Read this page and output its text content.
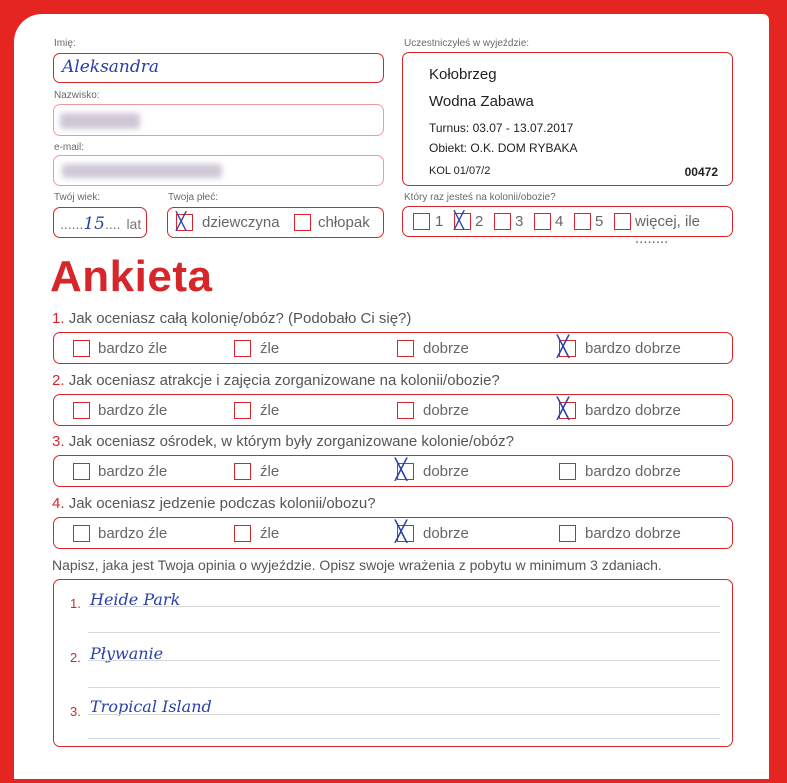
Imię:
Aleksandra
Nazwisko:
e-mail:
Twój wiek:
......15.... lat
Twoja płeć:
╳ dziewczyna	chłopak
Uczestniczyłeś w wyjeździe:
Kołobrzeg
Wodna Zabawa
Turnus: 03.07 - 13.07.2017
Obiekt: O.K. DOM RYBAKA
KOL 01/07/2	00472
Który raz jesteś na kolonii/obozie?
1 ╳ 2 3 4 5 więcej, ile ........
Ankieta
1. Jak oceniasz całą kolonię/obóz? (Podobało Ci się?)
bardzo źle	źle	dobrze	╳ bardzo dobrze
2. Jak oceniasz atrakcje i zajęcia zorganizowane na kolonii/obozie?
bardzo źle	źle	dobrze	╳ bardzo dobrze
3. Jak oceniasz ośrodek, w którym były zorganizowane kolonie/obóz?
bardzo źle	źle	╳ dobrze	bardzo dobrze
4. Jak oceniasz jedzenie podczas kolonii/obozu?
bardzo źle	źle	╳ dobrze	bardzo dobrze
Napisz, jaka jest Twoja opinia o wyjeździe. Opisz swoje wrażenia z pobytu w minimum 3 zdaniach.
1. Heide Park
2. Pływanie
3. Tropical Island
